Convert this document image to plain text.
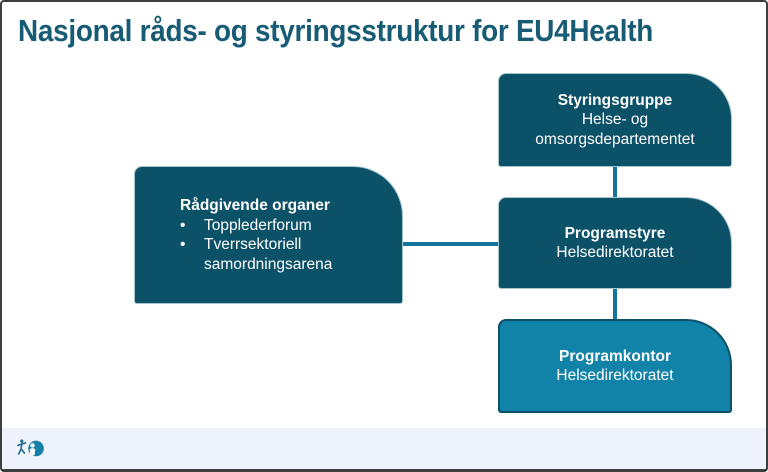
Nasjonal råds- og styringsstruktur for EU4Health
Styringsgruppe
Helse- og omsorgsdepartementet
Rådgivende organer
•	Topplederforum
•	Tverrsektoriell samordningsarena
Programstyre
Helsedirektoratet
Programkontor
Helsedirektoratet
